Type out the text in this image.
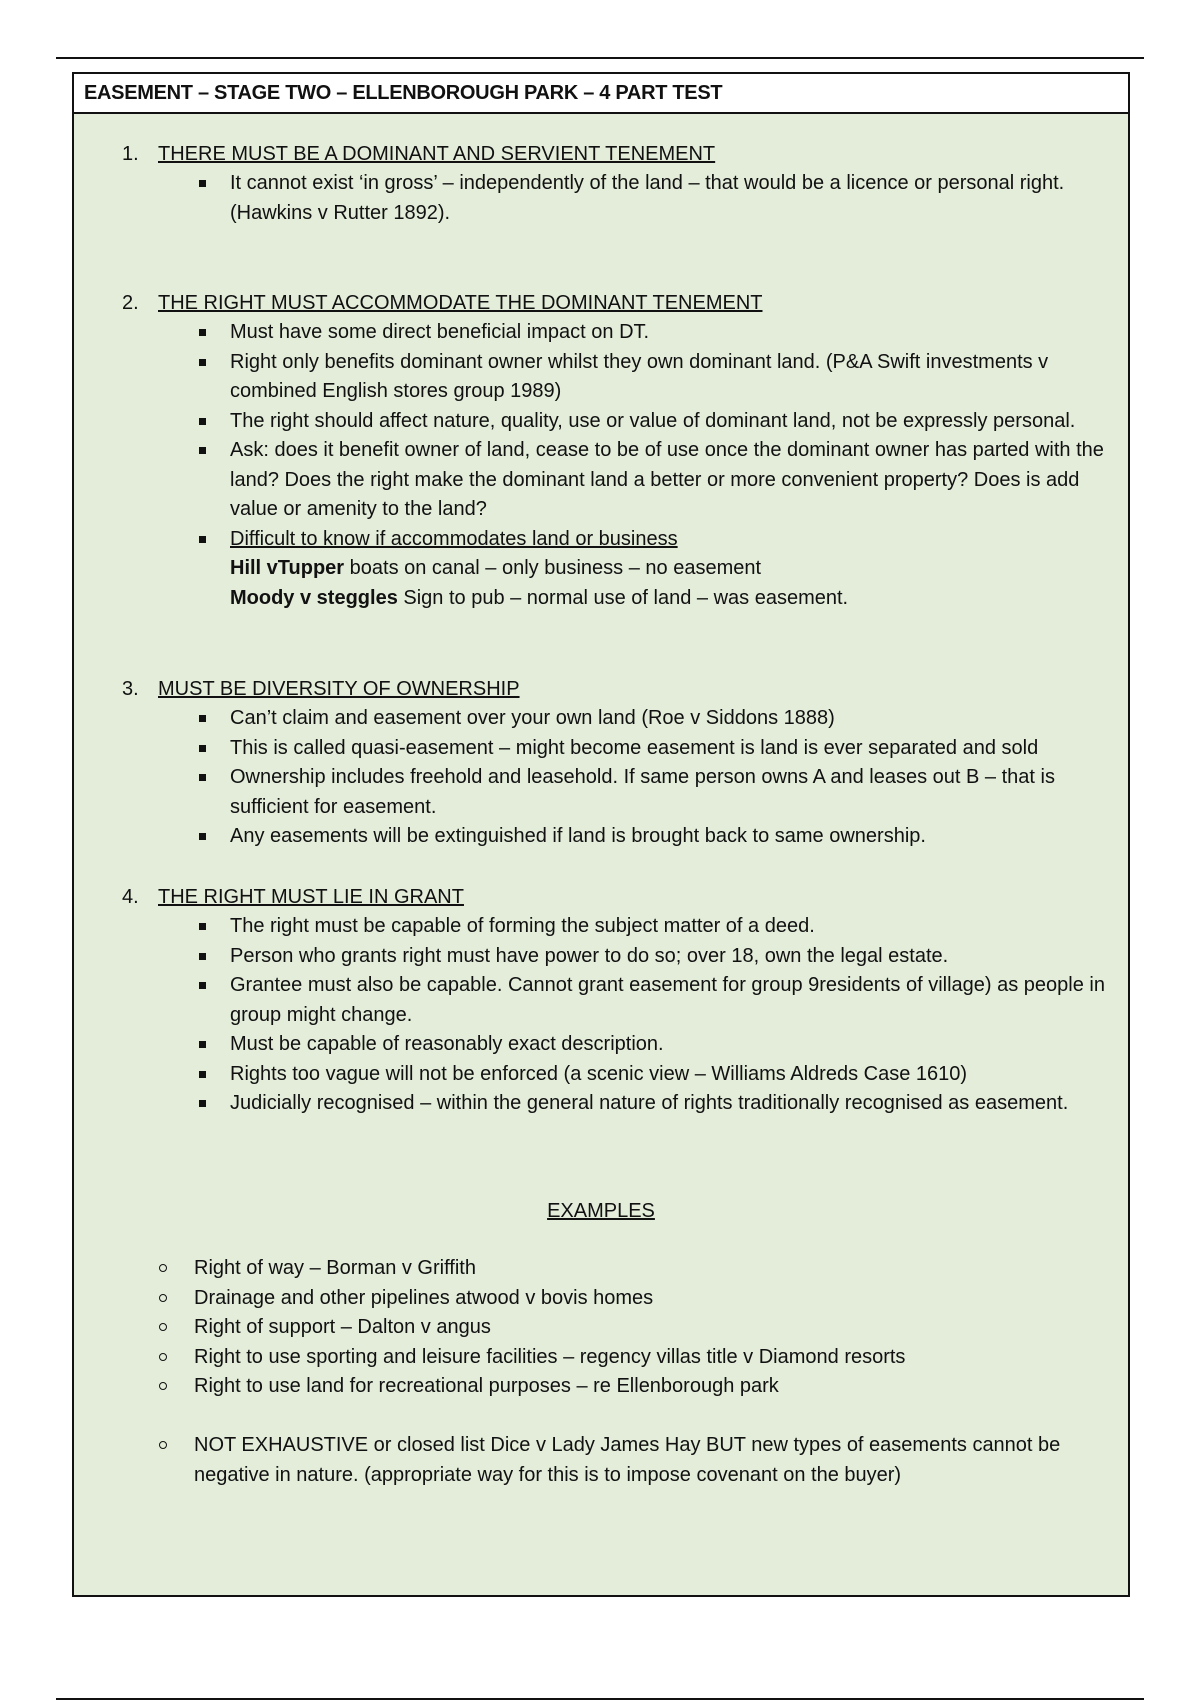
EASEMENT – STAGE TWO – ELLENBOROUGH PARK – 4 PART TEST
1. THERE MUST BE A DOMINANT AND SERVIENT TENEMENT
It cannot exist ‘in gross’ – independently of the land – that would be a licence or personal right.
(Hawkins v Rutter 1892).
2. THE RIGHT MUST ACCOMMODATE THE DOMINANT TENEMENT
Must have some direct beneficial impact on DT.
Right only benefits dominant owner whilst they own dominant land. (P&A Swift investments v combined English stores group 1989)
The right should affect nature, quality, use or value of dominant land, not be expressly personal.
Ask: does it benefit owner of land, cease to be of use once the dominant owner has parted with the land? Does the right make the dominant land a better or more convenient property? Does is add value or amenity to the land?
Difficult to know if accommodates land or business
Hill vTupper boats on canal – only business – no easement
Moody v steggles Sign to pub – normal use of land – was easement.
3. MUST BE DIVERSITY OF OWNERSHIP
Can’t claim and easement over your own land (Roe v Siddons 1888)
This is called quasi-easement – might become easement is land is ever separated and sold
Ownership includes freehold and leasehold. If same person owns A and leases out B – that is sufficient for easement.
Any easements will be extinguished if land is brought back to same ownership.
4. THE RIGHT MUST LIE IN GRANT
The right must be capable of forming the subject matter of a deed.
Person who grants right must have power to do so; over 18, own the legal estate.
Grantee must also be capable. Cannot grant easement for group 9residents of village) as people in group might change.
Must be capable of reasonably exact description.
Rights too vague will not be enforced (a scenic view – Williams Aldreds Case 1610)
Judicially recognised – within the general nature of rights traditionally recognised as easement.
EXAMPLES
Right of way – Borman v Griffith
Drainage and other pipelines atwood v bovis homes
Right of support – Dalton v angus
Right to use sporting and leisure facilities – regency villas title v Diamond resorts
Right to use land for recreational purposes – re Ellenborough park
NOT EXHAUSTIVE or closed list Dice v Lady James Hay BUT new types of easements cannot be negative in nature. (appropriate way for this is to impose covenant on the buyer)
